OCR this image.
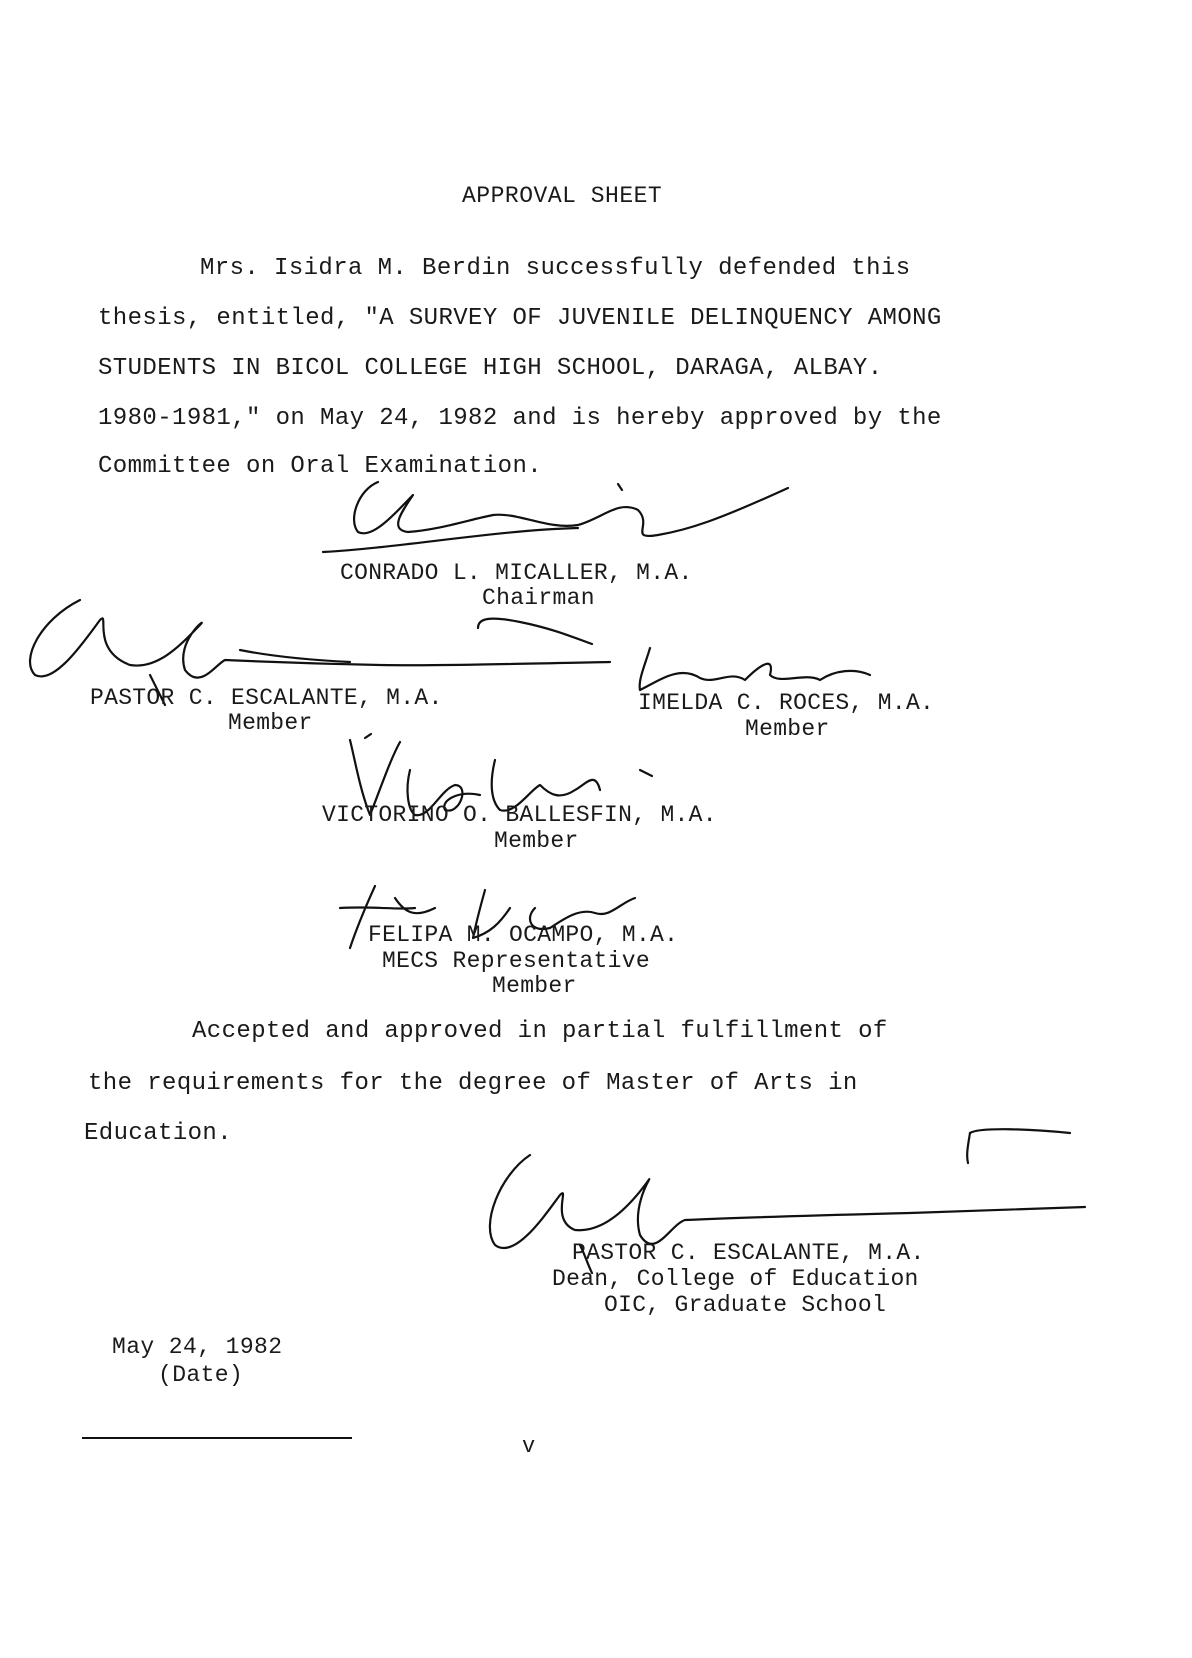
APPROVAL SHEET
Mrs. Isidra M. Berdin successfully defended this
thesis, entitled, "A SURVEY OF JUVENILE DELINQUENCY AMONG
STUDENTS IN BICOL COLLEGE HIGH SCHOOL, DARAGA, ALBAY.
1980-1981," on May 24, 1982 and is hereby approved by the
Committee on Oral Examination.
CONRADO L. MICALLER, M.A.
Chairman
PASTOR C. ESCALANTE, M.A.
Member
IMELDA C. ROCES, M.A.
Member
VICTORINO O. BALLESFIN, M.A.
Member
FELIPA M. OCAMPO, M.A.
MECS Representative
Member
Accepted and approved in partial fulfillment of
the requirements for the degree of Master of Arts in
Education.
PASTOR C. ESCALANTE, M.A.
Dean, College of Education
OIC, Graduate School
May 24, 1982
(Date)
v
